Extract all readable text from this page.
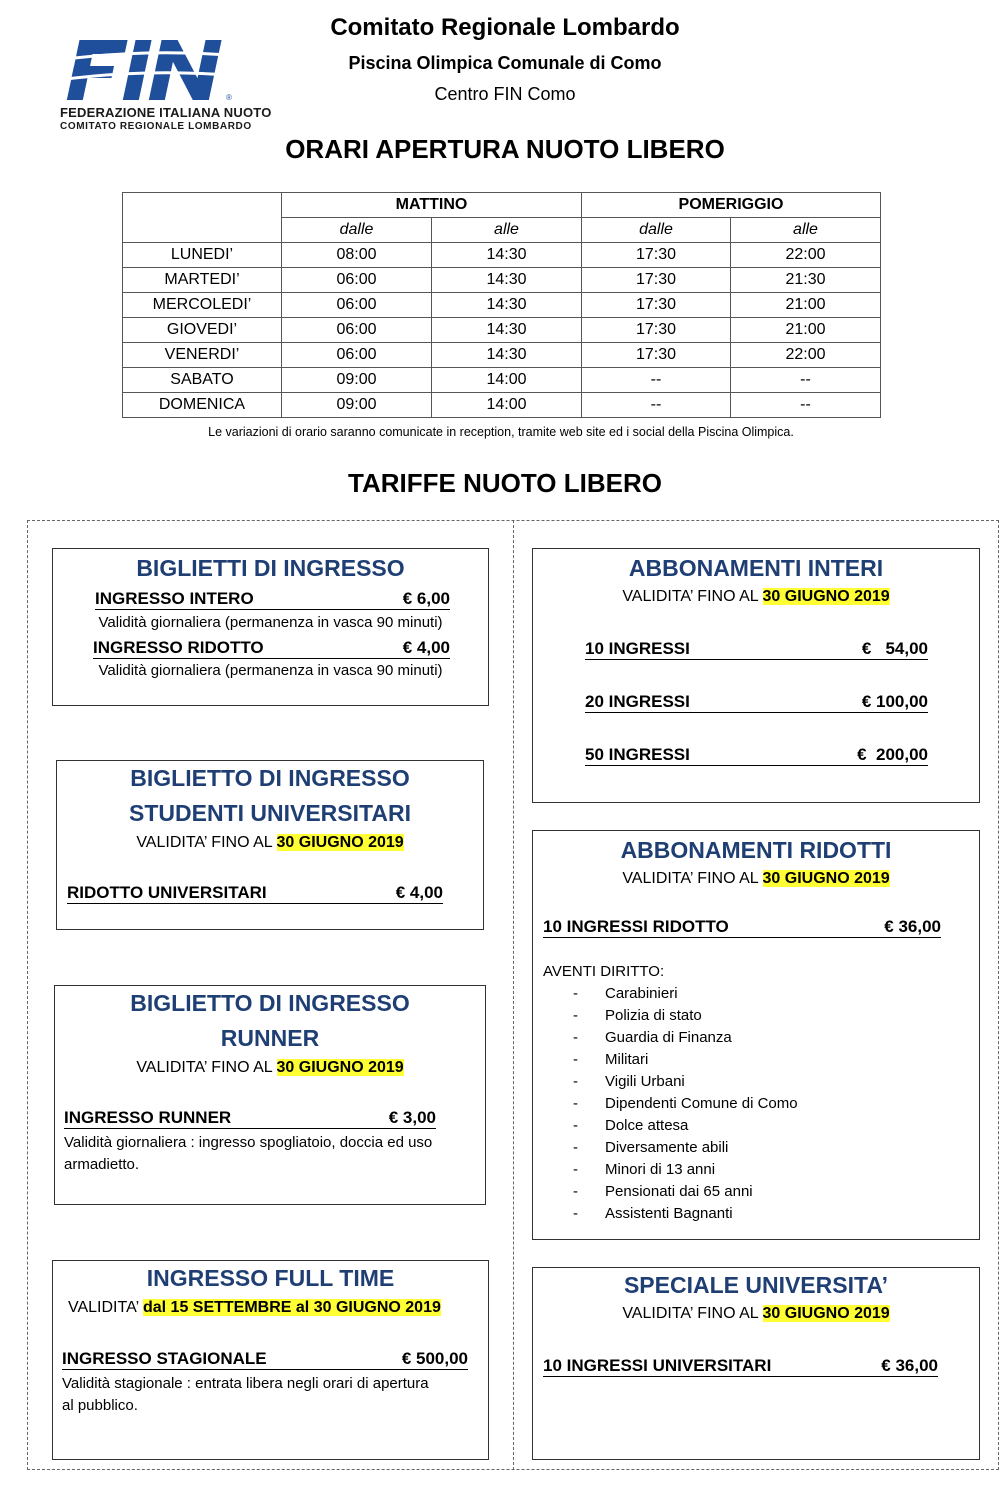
®
FEDERAZIONE ITALIANA NUOTO
COMITATO REGIONALE LOMBARDO
Comitato Regionale Lombardo
Piscina Olimpica Comunale di Como
Centro FIN Como
ORARI APERTURA NUOTO LIBERO
	MATTINO		POMERIGGIO	
	dalle	alle	dalle	alle
LUNEDI’	08:00	14:30	17:30	22:00
MARTEDI’	06:00	14:30	17:30	21:30
MERCOLEDI’	06:00	14:30	17:30	21:00
GIOVEDI’	06:00	14:30	17:30	21:00
VENERDI’	06:00	14:30	17:30	22:00
SABATO	09:00	14:00	--	--
DOMENICA	09:00	14:00	--	--
Le variazioni di orario saranno comunicate in reception, tramite web site ed i social della Piscina Olimpica.
TARIFFE NUOTO LIBERO
BIGLIETTI DI INGRESSO
INGRESSO INTERO	€ 6,00
Validità giornaliera (permanenza in vasca 90 minuti)
INGRESSO RIDOTTO	€ 4,00
Validità giornaliera (permanenza in vasca 90 minuti)
BIGLIETTO DI INGRESSO
STUDENTI UNIVERSITARI
VALIDITA’ FINO AL 30 GIUGNO 2019
RIDOTTO UNIVERSITARI	€ 4,00
BIGLIETTO DI INGRESSO
RUNNER
VALIDITA’ FINO AL 30 GIUGNO 2019
INGRESSO RUNNER	€ 3,00
Validità giornaliera : ingresso spogliatoio, doccia ed uso
armadietto.
INGRESSO FULL TIME
VALIDITA’ dal 15 SETTEMBRE al 30 GIUGNO 2019
INGRESSO STAGIONALE	€ 500,00
Validità stagionale : entrata libera negli orari di apertura
al pubblico.
ABBONAMENTI INTERI
VALIDITA’ FINO AL 30 GIUGNO 2019
10 INGRESSI	€   54,00
20 INGRESSI	€ 100,00
50 INGRESSI	€  200,00
ABBONAMENTI RIDOTTI
VALIDITA’ FINO AL 30 GIUGNO 2019
10 INGRESSI RIDOTTO	€ 36,00
AVENTI DIRITTO:
- Carabinieri
- Polizia di stato
- Guardia di Finanza
- Militari
- Vigili Urbani
- Dipendenti Comune di Como
- Dolce attesa
- Diversamente abili
- Minori di 13 anni
- Pensionati dai 65 anni
- Assistenti Bagnanti
SPECIALE UNIVERSITA’
VALIDITA’ FINO AL 30 GIUGNO 2019
10 INGRESSI UNIVERSITARI	€ 36,00
